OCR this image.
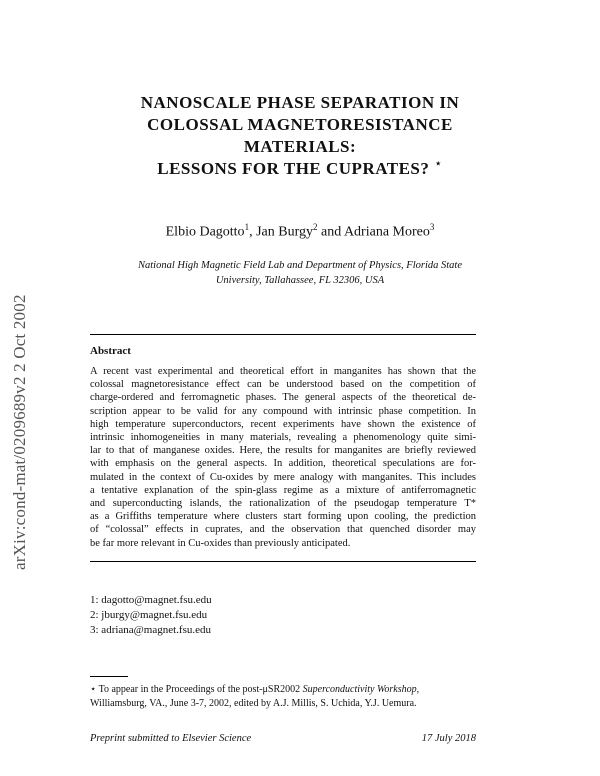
arXiv:cond-mat/0209689v2 2 Oct 2002
NANOSCALE PHASE SEPARATION IN
COLOSSAL MAGNETORESISTANCE
MATERIALS:
LESSONS FOR THE CUPRATES? ⋆
Elbio Dagotto$^1$, Jan Burgy$^2$ and Adriana Moreo$^3$
National High Magnetic Field Lab and Department of Physics, Florida State
University, Tallahassee, FL 32306, USA
Abstract
A recent vast experimental and theoretical effort in manganites has shown that the
colossal magnetoresistance effect can be understood based on the competition of
charge-ordered and ferromagnetic phases. The general aspects of the theoretical de-
scription appear to be valid for any compound with intrinsic phase competition. In
high temperature superconductors, recent experiments have shown the existence of
intrinsic inhomogeneities in many materials, revealing a phenomenology quite simi-
lar to that of manganese oxides. Here, the results for manganites are briefly reviewed
with emphasis on the general aspects. In addition, theoretical speculations are for-
mulated in the context of Cu-oxides by mere analogy with manganites. This includes
a tentative explanation of the spin-glass regime as a mixture of antiferromagnetic
and superconducting islands, the rationalization of the pseudogap temperature T*
as a Griffiths temperature where clusters start forming upon cooling, the prediction
of “colossal” effects in cuprates, and the observation that quenched disorder may
be far more relevant in Cu-oxides than previously anticipated.
1: dagotto@magnet.fsu.edu
2: jburgy@magnet.fsu.edu
3: adriana@magnet.fsu.edu
⋆ To appear in the Proceedings of the post-μSR2002 Superconductivity Workshop,
Williamsburg, VA., June 3-7, 2002, edited by A.J. Millis, S. Uchida, Y.J. Uemura.
Preprint submitted to Elsevier Science	17 July 2018
